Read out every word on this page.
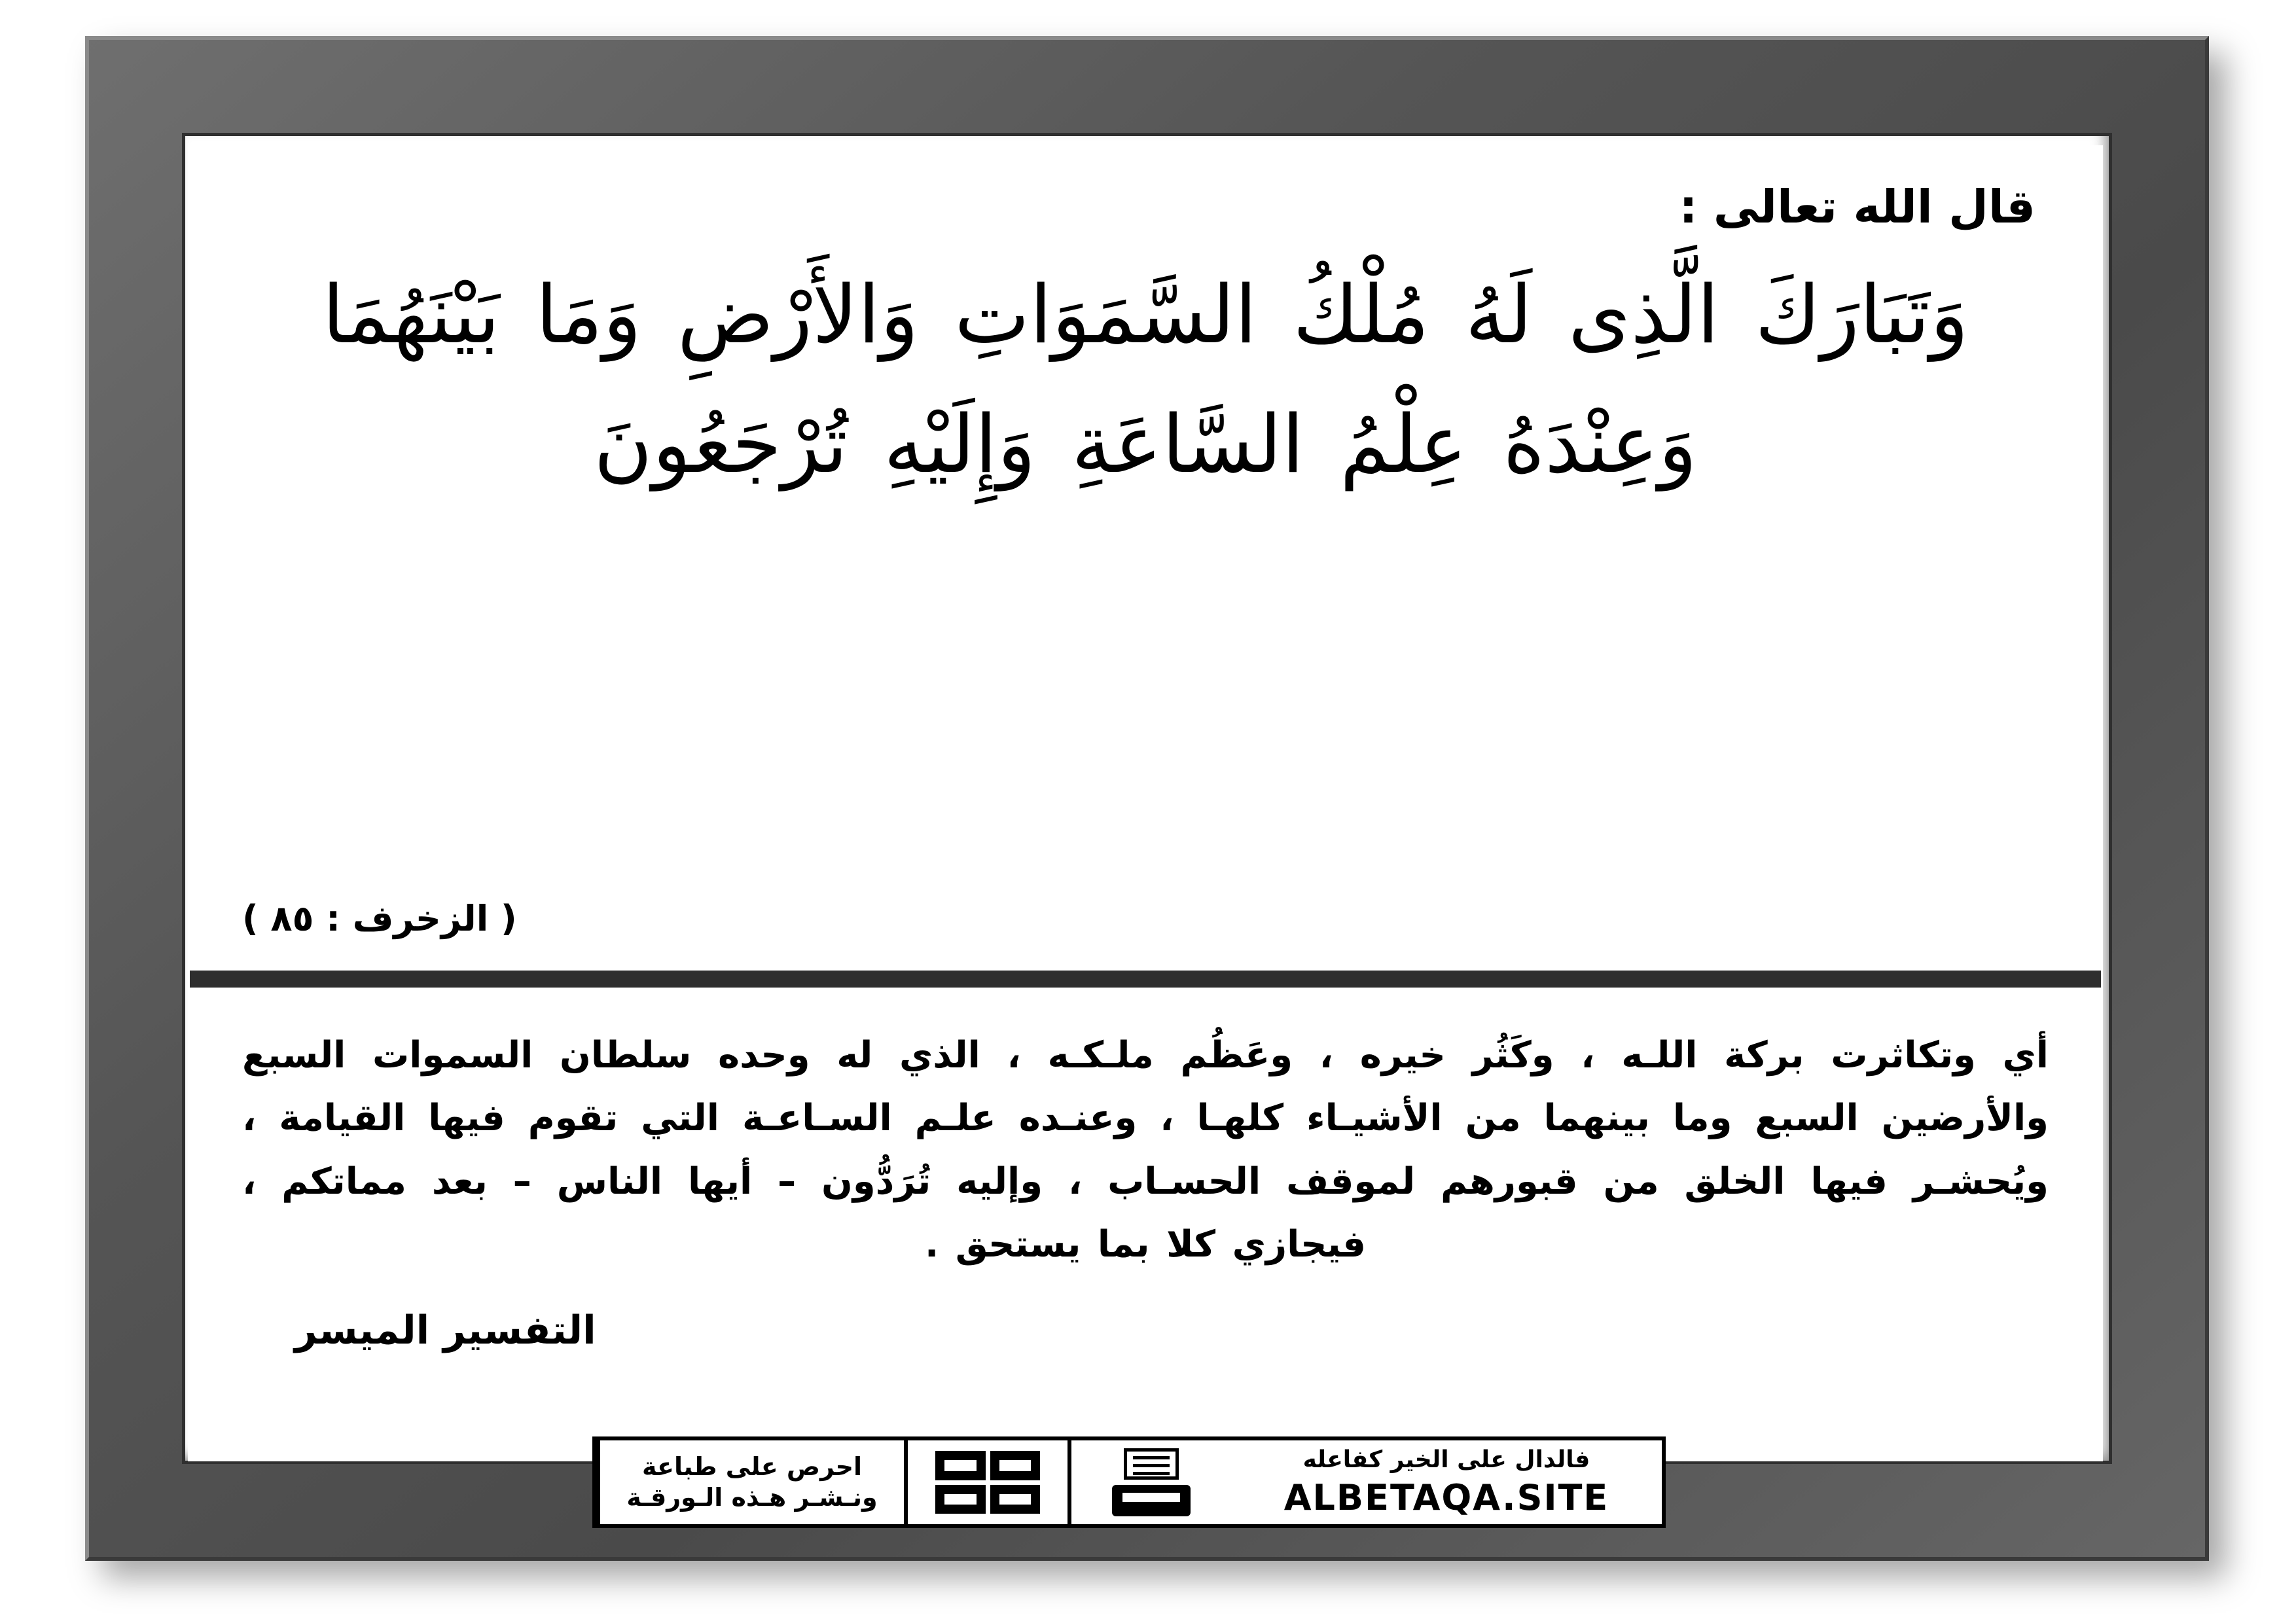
قال الله تعالى :
وَتَبَارَكَ الَّذِى لَهُ مُلْكُ السَّمَوَاتِ وَالأَرْضِ وَمَا بَيْنَهُمَا وَعِنْدَهُ عِلْمُ السَّاعَةِ وَإِلَيْهِ تُرْجَعُونَ
( الزخرف : ٨٥ )
أي وتكاثرت بركة اللـه ، وكَثُر خيره ، وعَظُم ملـكـه ، الذي له وحده سلطان السموات السبع والأرضين السبع وما بينهما من الأشيـاء كلهـا ، وعنـده علـم السـاعـة التي تقوم فيها القيامة ، ويُحشـر فيها الخلق من قبورهم لموقف الحسـاب ، وإليه تُرَدُّون – أيها الناس – بعد مماتكم ، فيجازي كلا بما يستحق .
التفسير الميسر
احرص على طباعة
ونـشـر هـذه الـورقـة
فالدال على الخير كفاعله
ALBETAQA.SITE
